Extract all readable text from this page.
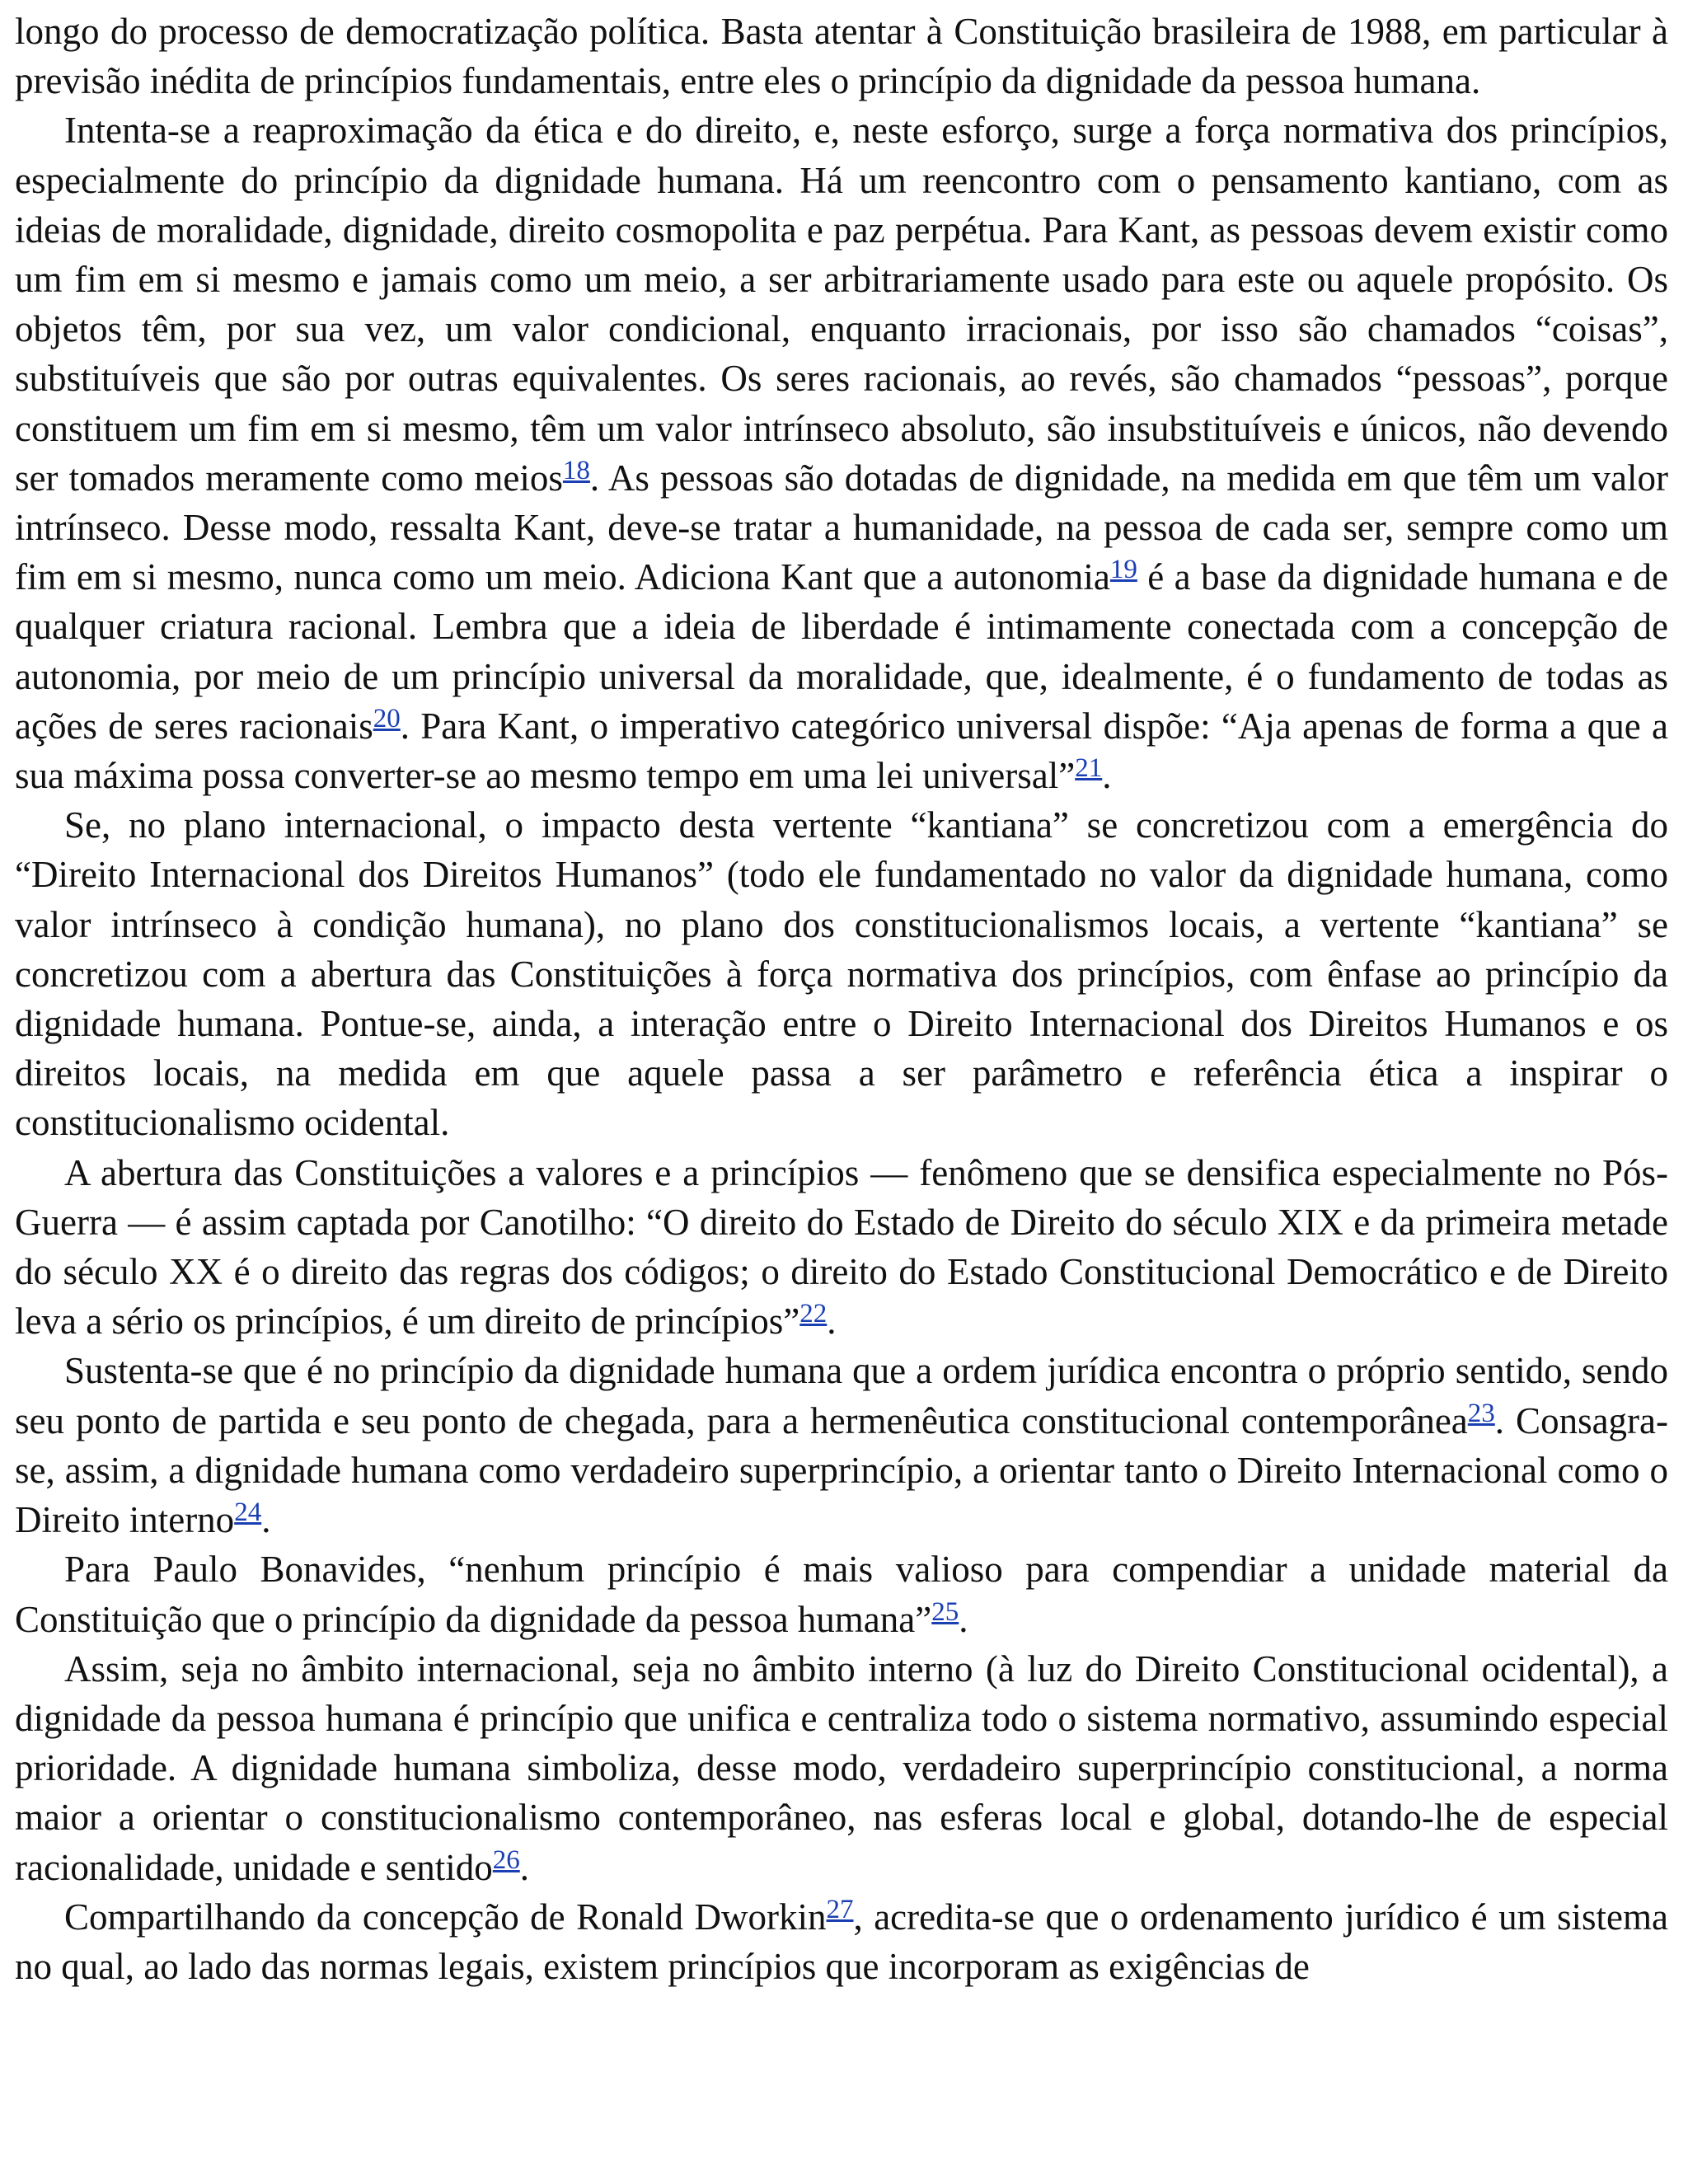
longo do processo de democratização política. Basta atentar à Constituição brasileira de 1988, em particular à previsão inédita de princípios fundamentais, entre eles o princípio da dignidade da pessoa humana.

Intenta-se a reaproximação da ética e do direito, e, neste esforço, surge a força normativa dos princípios, especialmente do princípio da dignidade humana. Há um reencontro com o pensamento kantiano, com as ideias de moralidade, dignidade, direito cosmopolita e paz perpétua. Para Kant, as pessoas devem existir como um fim em si mesmo e jamais como um meio, a ser arbitrariamente usado para este ou aquele propósito. Os objetos têm, por sua vez, um valor condicional, enquanto irracionais, por isso são chamados “coisas”, substituíveis que são por outras equivalentes. Os seres racionais, ao revés, são chamados “pessoas”, porque constituem um fim em si mesmo, têm um valor intrínseco absoluto, são insubstituíveis e únicos, não devendo ser tomados meramente como meios$^{18}$. As pessoas são dotadas de dignidade, na medida em que têm um valor intrínseco. Desse modo, ressalta Kant, deve-se tratar a humanidade, na pessoa de cada ser, sempre como um fim em si mesmo, nunca como um meio. Adiciona Kant que a autonomia$^{19}$ é a base da dignidade humana e de qualquer criatura racional. Lembra que a ideia de liberdade é intimamente conectada com a concepção de autonomia, por meio de um princípio universal da moralidade, que, idealmente, é o fundamento de todas as ações de seres racionais$^{20}$. Para Kant, o imperativo categórico universal dispõe: “Aja apenas de forma a que a sua máxima possa converter-se ao mesmo tempo em uma lei universal”$^{21}$.

Se, no plano internacional, o impacto desta vertente “kantiana” se concretizou com a emergência do “Direito Internacional dos Direitos Humanos” (todo ele fundamentado no valor da dignidade humana, como valor intrínseco à condição humana), no plano dos constitucionalismos locais, a vertente “kantiana” se concretizou com a abertura das Constituições à força normativa dos princípios, com ênfase ao princípio da dignidade humana. Pontue-se, ainda, a interação entre o Direito Internacional dos Direitos Humanos e os direitos locais, na medida em que aquele passa a ser parâmetro e referência ética a inspirar o constitucionalismo ocidental.

A abertura das Constituições a valores e a princípios — fenômeno que se densifica especialmente no Pós-Guerra — é assim captada por Canotilho: “O direito do Estado de Direito do século XIX e da primeira metade do século XX é o direito das regras dos códigos; o direito do Estado Constitucional Democrático e de Direito leva a sério os princípios, é um direito de princípios”$^{22}$.

Sustenta-se que é no princípio da dignidade humana que a ordem jurídica encontra o próprio sentido, sendo seu ponto de partida e seu ponto de chegada, para a hermenêutica constitucional contemporânea$^{23}$. Consagra-se, assim, a dignidade humana como verdadeiro superprincípio, a orientar tanto o Direito Internacional como o Direito interno$^{24}$.

Para Paulo Bonavides, “nenhum princípio é mais valioso para compendiar a unidade material da Constituição que o princípio da dignidade da pessoa humana”$^{25}$.

Assim, seja no âmbito internacional, seja no âmbito interno (à luz do Direito Constitucional ocidental), a dignidade da pessoa humana é princípio que unifica e centraliza todo o sistema normativo, assumindo especial prioridade. A dignidade humana simboliza, desse modo, verdadeiro superprincípio constitucional, a norma maior a orientar o constitucionalismo contemporâneo, nas esferas local e global, dotando-lhe de especial racionalidade, unidade e sentido$^{26}$.

Compartilhando da concepção de Ronald Dworkin$^{27}$, acredita-se que o ordenamento jurídico é um sistema no qual, ao lado das normas legais, existem princípios que incorporam as exigências de
